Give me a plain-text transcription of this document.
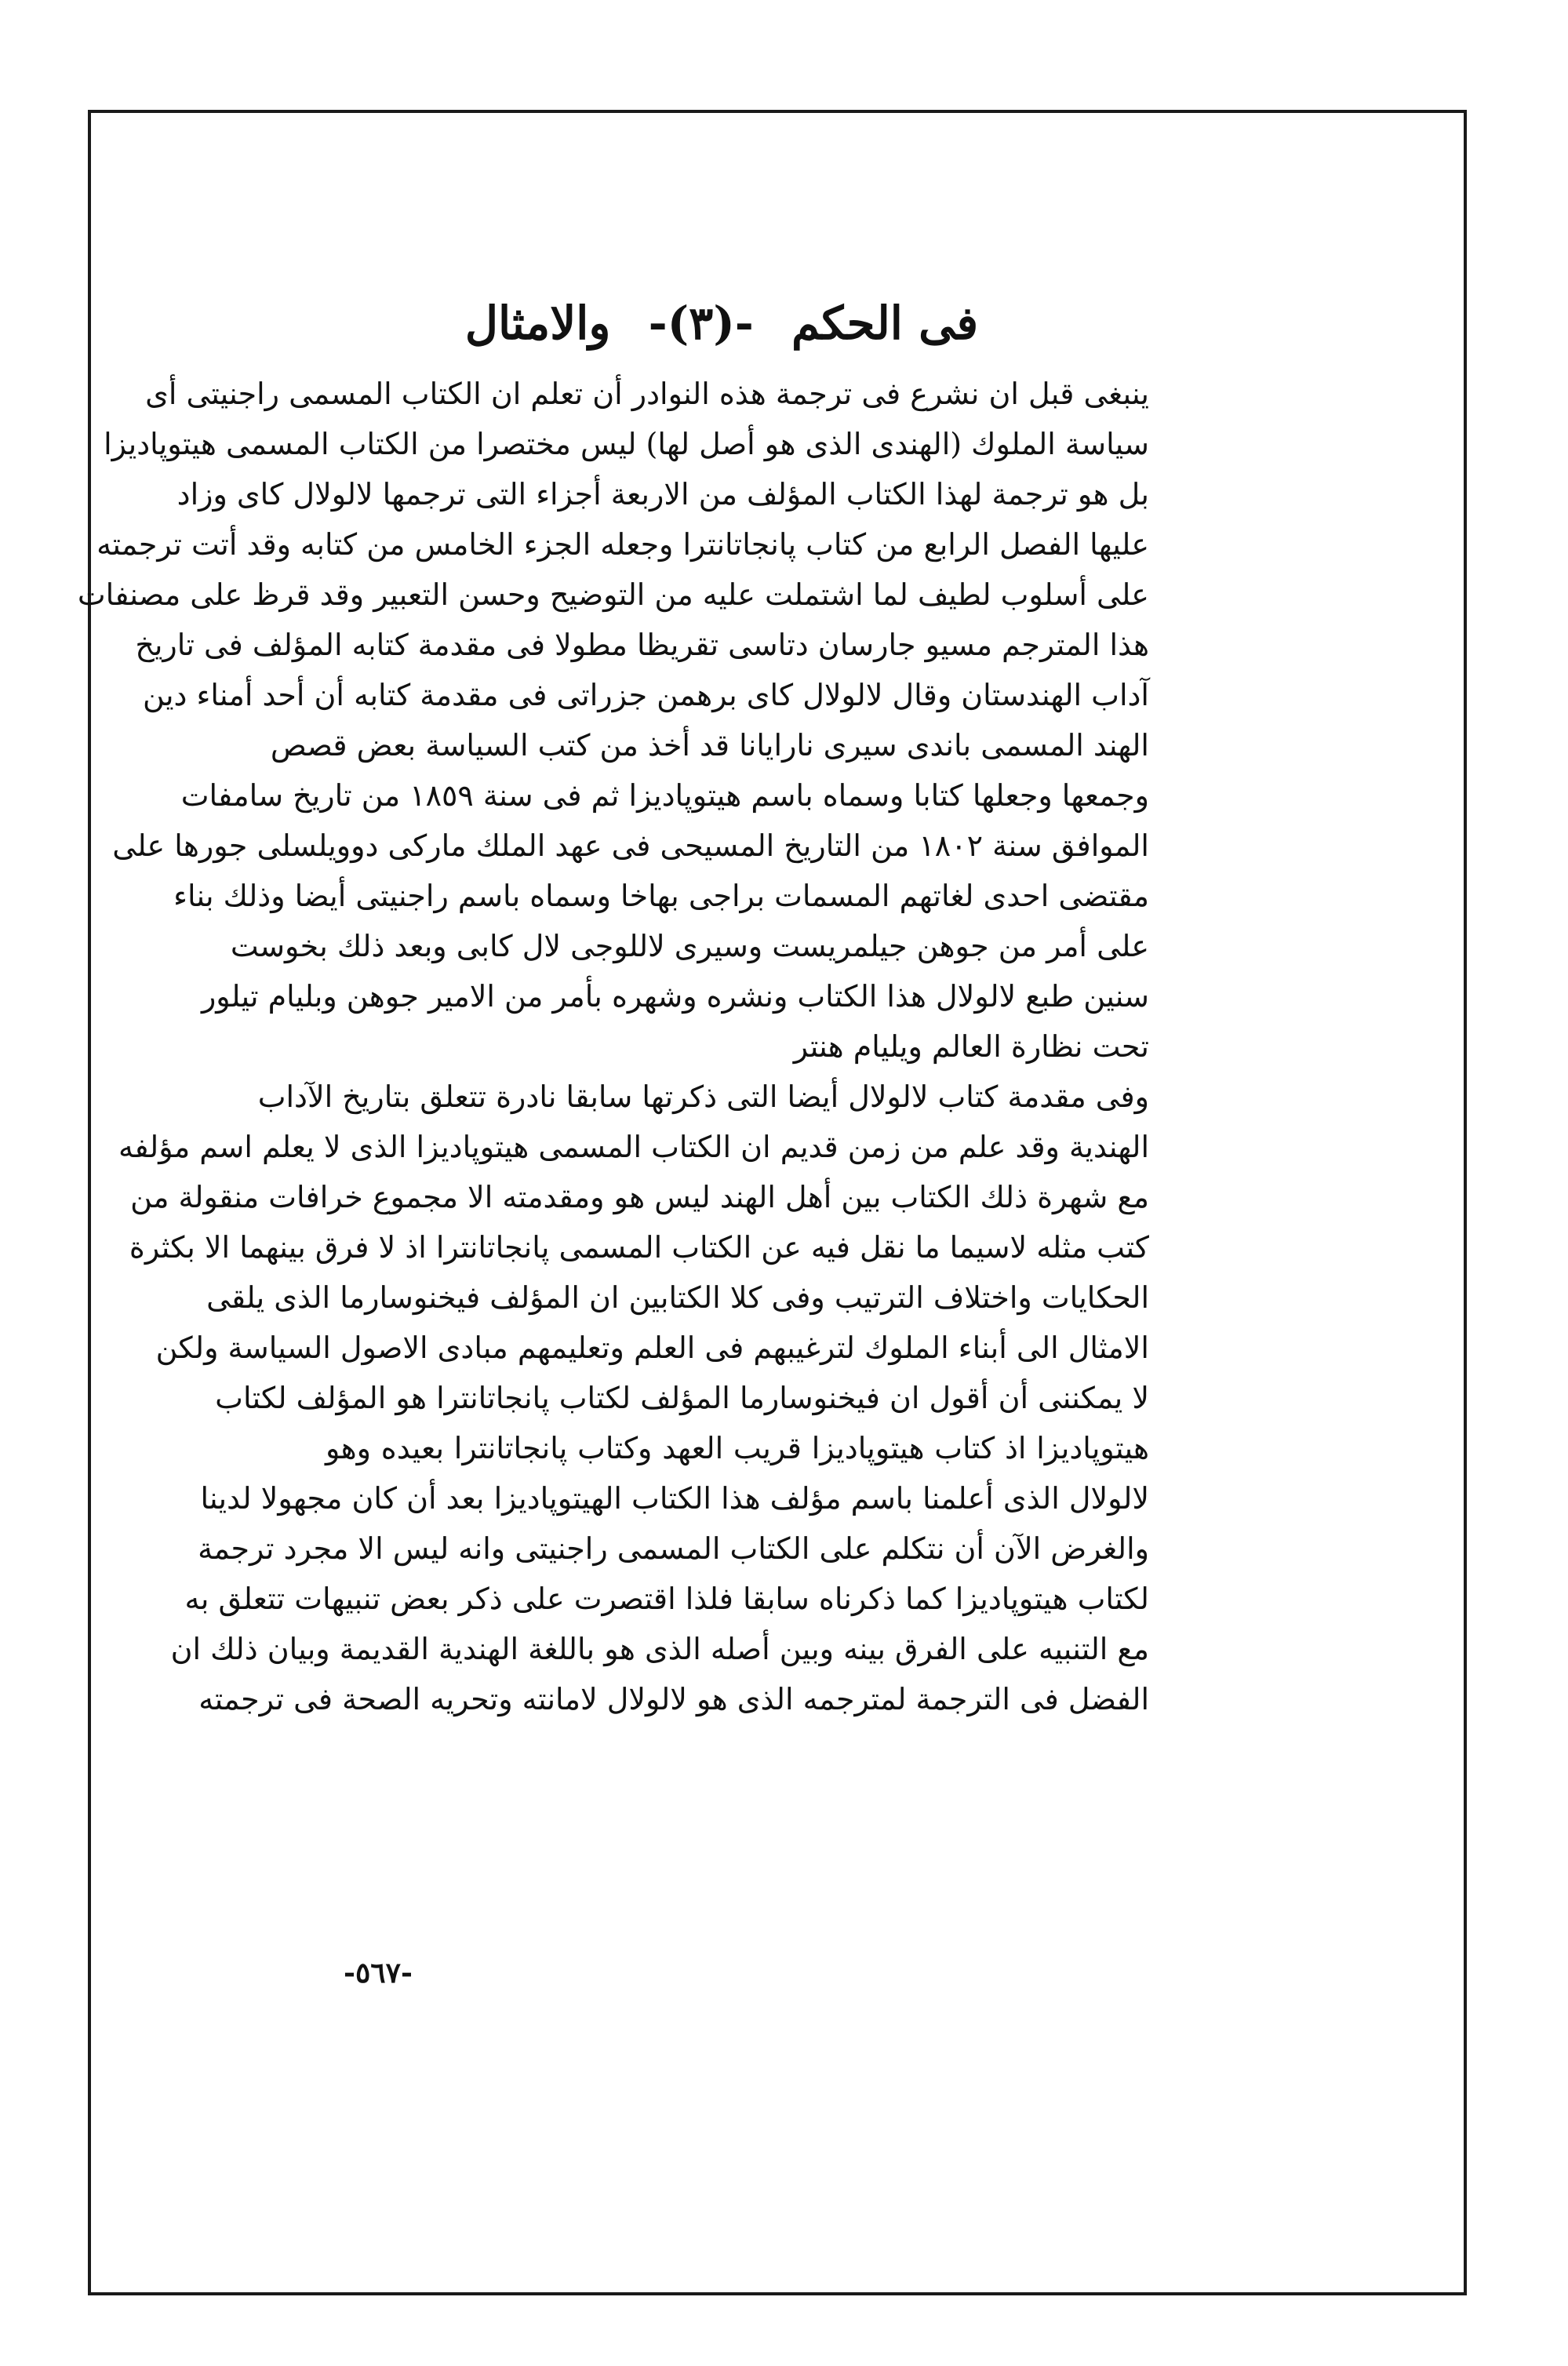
فى الحكم -(٣)- والامثال
ينبغى قبل ان نشرع فى ترجمة هذه النوادر أن تعلم ان الكتاب المسمى راجنيتى أى
سياسة الملوك (الهندى الذى هو أصل لها) ليس مختصرا من الكتاب المسمى هيتوپاديزا
بل هو ترجمة لهذا الكتاب المؤلف من الاربعة أجزاء التى ترجمها لالولال كاى وزاد
عليها الفصل الرابع من كتاب پانجاتانترا وجعله الجزء الخامس من كتابه وقد أتت ترجمته
على أسلوب لطيف لما اشتملت عليه من التوضيح وحسن التعبير وقد قرظ على مصنفات
هذا المترجم مسيو جارسان دتاسى تقريظا مطولا فى مقدمة كتابه المؤلف فى تاريخ
آداب الهندستان وقال لالولال كاى برهمن جزراتى فى مقدمة كتابه أن أحد أمناء دين
الهند المسمى باندى سيرى نارايانا قد أخذ من كتب السياسة بعض قصص
وجمعها وجعلها كتابا وسماه باسم هيتوپاديزا ثم فى سنة ١٨٥٩ من تاريخ سامفات
الموافق سنة ١٨٠٢ من التاريخ المسيحى فى عهد الملك ماركى دوويلسلى جورها على
مقتضى احدى لغاتهم المسمات براجى بهاخا وسماه باسم راجنيتى أيضا وذلك بناء
على أمر من جوهن جيلمريست وسيرى لاللوجى لال كابى وبعد ذلك بخوست
سنين طبع لالولال هذا الكتاب ونشره وشهره بأمر من الامير جوهن وبليام تيلور
تحت نظارة العالم ويليام هنتر
وفى مقدمة كتاب لالولال أيضا التى ذكرتها سابقا نادرة تتعلق بتاريخ الآداب
الهندية وقد علم من زمن قديم ان الكتاب المسمى هيتوپاديزا الذى لا يعلم اسم مؤلفه
مع شهرة ذلك الكتاب بين أهل الهند ليس هو ومقدمته الا مجموع خرافات منقولة من
كتب مثله لاسيما ما نقل فيه عن الكتاب المسمى پانجاتانترا اذ لا فرق بينهما الا بكثرة
الحكايات واختلاف الترتيب وفى كلا الكتابين ان المؤلف فيخنوسارما الذى يلقى
الامثال الى أبناء الملوك لترغيبهم فى العلم وتعليمهم مبادى الاصول السياسة ولكن
لا يمكننى أن أقول ان فيخنوسارما المؤلف لكتاب پانجاتانترا هو المؤلف لكتاب
هيتوپاديزا اذ كتاب هيتوپاديزا قريب العهد وكتاب پانجاتانترا بعيده وهو
لالولال الذى أعلمنا باسم مؤلف هذا الكتاب الهيتوپاديزا بعد أن كان مجهولا لدينا
والغرض الآن أن نتكلم على الكتاب المسمى راجنيتى وانه ليس الا مجرد ترجمة
لكتاب هيتوپاديزا كما ذكرناه سابقا فلذا اقتصرت على ذكر بعض تنبيهات تتعلق به
مع التنبيه على الفرق بينه وبين أصله الذى هو باللغة الهندية القديمة وبيان ذلك ان
الفضل فى الترجمة لمترجمه الذى هو لالولال لامانته وتحريه الصحة فى ترجمته
-٥٦٧-
